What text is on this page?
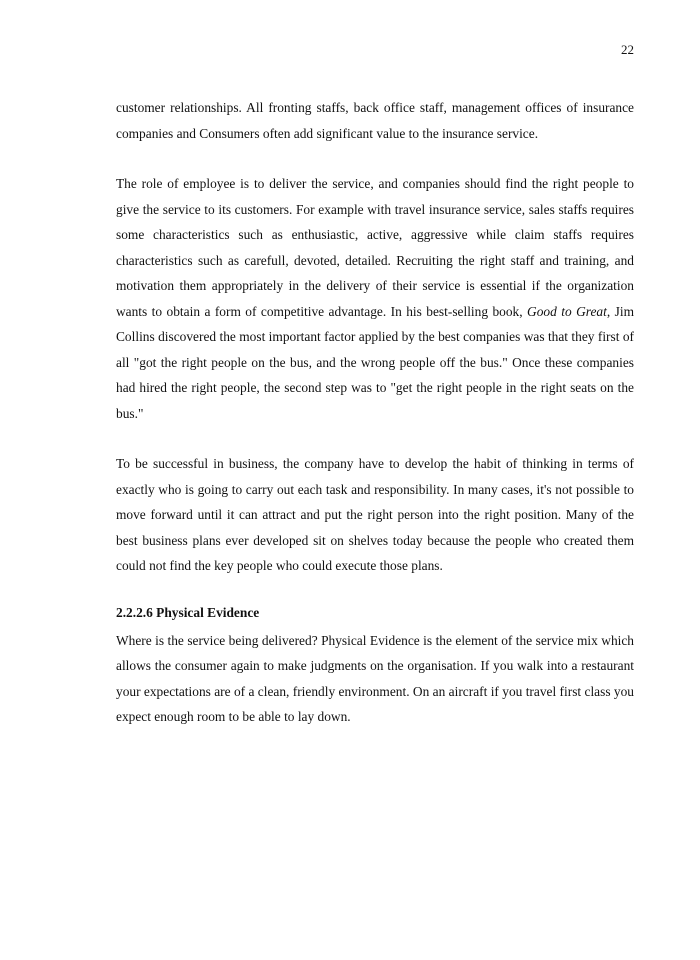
22

customer relationships. All fronting staffs, back office staff, management offices of insurance companies and Consumers often add significant value to the insurance service.

The role of employee is to deliver the service, and companies should find the right people to give the service to its customers. For example with travel insurance service, sales staffs requires some characteristics such as enthusiastic, active, aggressive while claim staffs requires characteristics such as carefull, devoted, detailed. Recruiting the right staff and training, and motivation them appropriately in the delivery of their service is essential if the organization wants to obtain a form of competitive advantage. In his best-selling book, Good to Great, Jim Collins discovered the most important factor applied by the best companies was that they first of all "got the right people on the bus, and the wrong people off the bus." Once these companies had hired the right people, the second step was to "get the right people in the right seats on the bus."

To be successful in business, the company have to develop the habit of thinking in terms of exactly who is going to carry out each task and responsibility. In many cases, it's not possible to move forward until it can attract and put the right person into the right position. Many of the best business plans ever developed sit on shelves today because the people who created them could not find the key people who could execute those plans.

2.2.2.6 Physical Evidence

Where is the service being delivered? Physical Evidence is the element of the service mix which allows the consumer again to make judgments on the organisation. If you walk into a restaurant your expectations are of a clean, friendly environment. On an aircraft if you travel first class you expect enough room to be able to lay down.
